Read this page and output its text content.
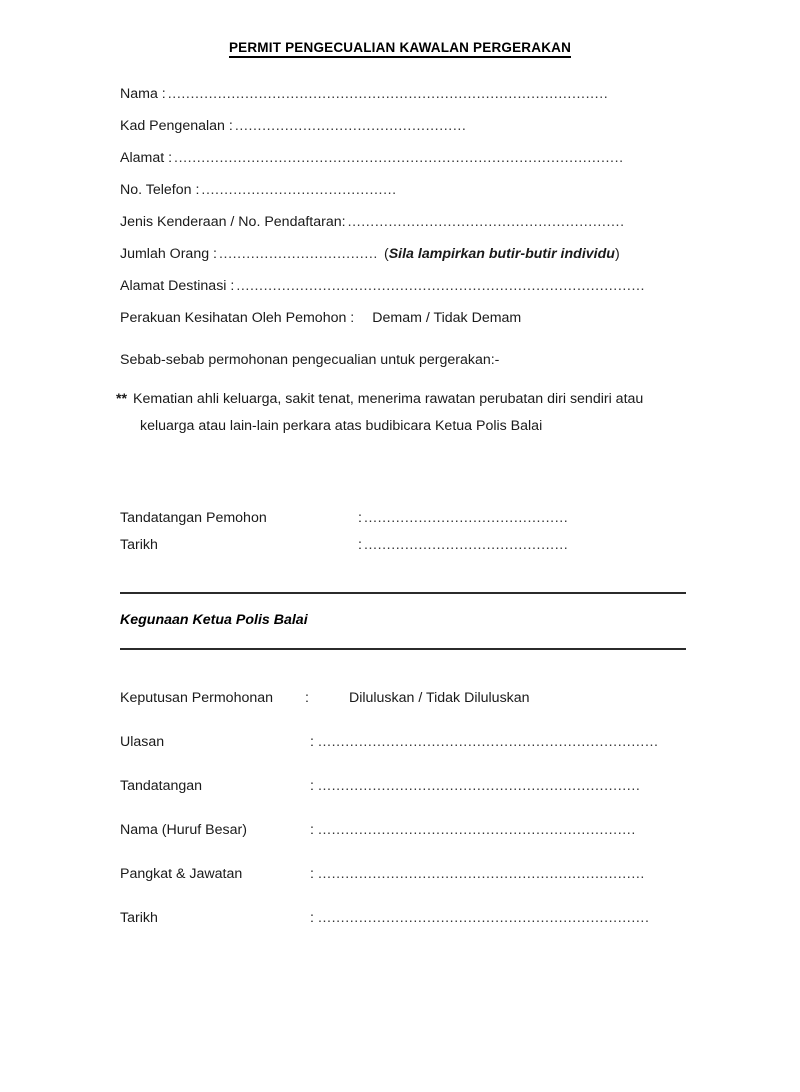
PERMIT PENGECUALIAN KAWALAN PERGERAKAN
Nama : .................................................................................................
Kad Pengenalan : ...................................................
Alamat : ...................................................................................................
No. Telefon : ...........................................
Jenis Kenderaan / No. Pendaftaran: .............................................................
Jumlah Orang : ................................... (Sila lampirkan butir-butir individu)
Alamat Destinasi : ..........................................................................................
Perakuan Kesihatan Oleh Pemohon : Demam / Tidak Demam
Sebab-sebab permohonan pengecualian untuk pergerakan:-
** Kematian ahli keluarga, sakit tenat, menerima rawatan perubatan diri sendiri atau
keluarga atau lain-lain perkara atas budibicara Ketua Polis Balai
Tandatangan Pemohon	: .............................................
Tarikh	: .............................................
Kegunaan Ketua Polis Balai
Keputusan Permohonan	:	Diluluskan / Tidak Diluluskan
Ulasan	: ...........................................................................
Tandatangan	: .......................................................................
Nama (Huruf Besar)	: ......................................................................
Pangkat & Jawatan	: ........................................................................
Tarikh	: .........................................................................
